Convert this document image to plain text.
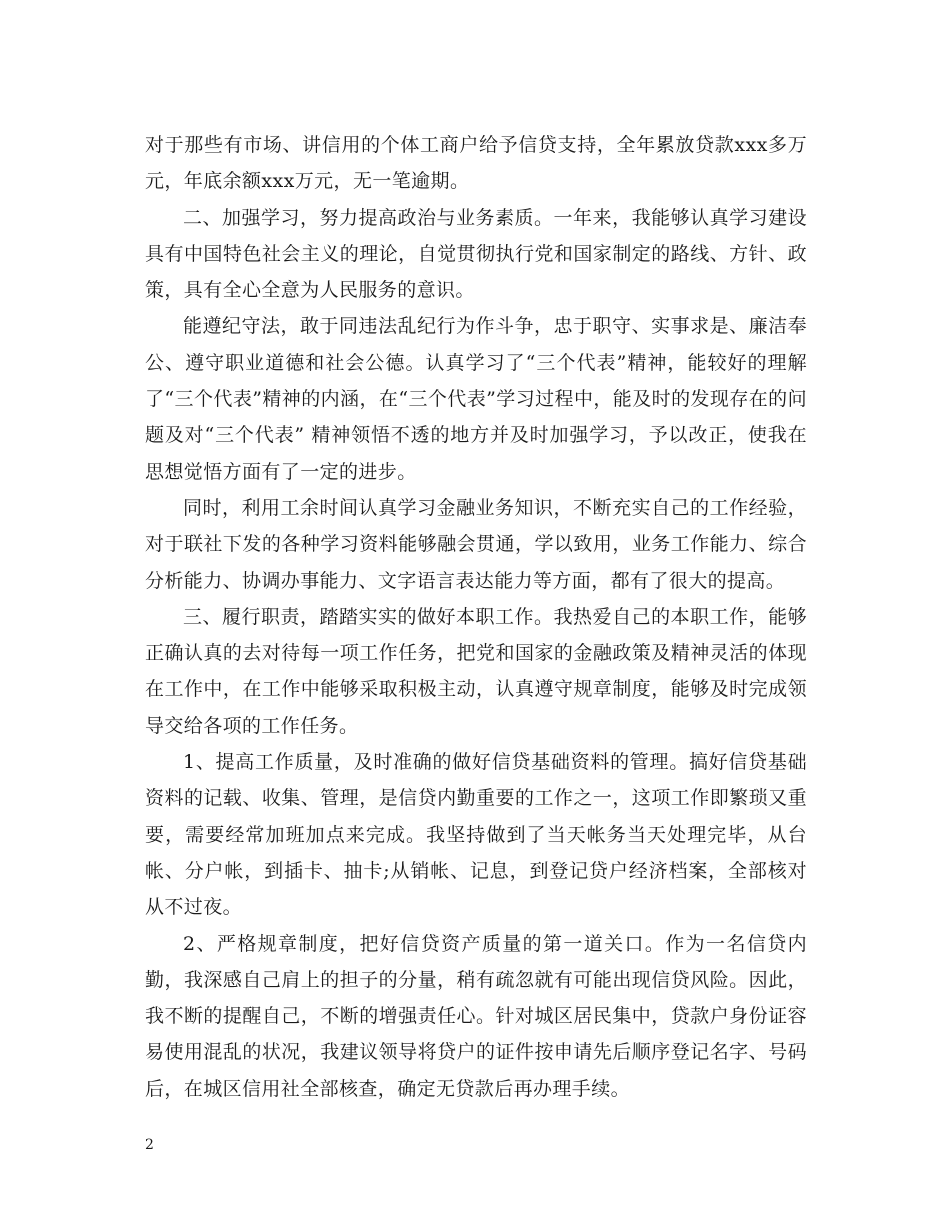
对于那些有市场、讲信用的个体工商户给予信贷支持，全年累放贷款xxx多万元，年底余额xxx万元，无一笔逾期。

二、加强学习，努力提高政治与业务素质。一年来，我能够认真学习建设具有中国特色社会主义的理论，自觉贯彻执行党和国家制定的路线、方针、政策，具有全心全意为人民服务的意识。

能遵纪守法，敢于同违法乱纪行为作斗争，忠于职守、实事求是、廉洁奉公、遵守职业道德和社会公德。认真学习了“三个代表”精神，能较好的理解了“三个代表”精神的内涵，在“三个代表”学习过程中，能及时的发现存在的问题及对“三个代表” 精神领悟不透的地方并及时加强学习，予以改正，使我在思想觉悟方面有了一定的进步。

同时，利用工余时间认真学习金融业务知识，不断充实自己的工作经验，对于联社下发的各种学习资料能够融会贯通，学以致用，业务工作能力、综合分析能力、协调办事能力、文字语言表达能力等方面，都有了很大的提高。

三、履行职责，踏踏实实的做好本职工作。我热爱自己的本职工作，能够正确认真的去对待每一项工作任务，把党和国家的金融政策及精神灵活的体现在工作中，在工作中能够采取积极主动，认真遵守规章制度，能够及时完成领导交给各项的工作任务。

1、提高工作质量，及时准确的做好信贷基础资料的管理。搞好信贷基础资料的记载、收集、管理，是信贷内勤重要的工作之一，这项工作即繁琐又重要，需要经常加班加点来完成。我坚持做到了当天帐务当天处理完毕，从台帐、分户帐，到插卡、抽卡;从销帐、记息，到登记贷户经济档案，全部核对从不过夜。

2、严格规章制度，把好信贷资产质量的第一道关口。作为一名信贷内勤，我深感自己肩上的担子的分量，稍有疏忽就有可能出现信贷风险。因此，我不断的提醒自己，不断的增强责任心。针对城区居民集中，贷款户身份证容易使用混乱的状况，我建议领导将贷户的证件按申请先后顺序登记名字、号码后，在城区信用社全部核查，确定无贷款后再办理手续。

2
